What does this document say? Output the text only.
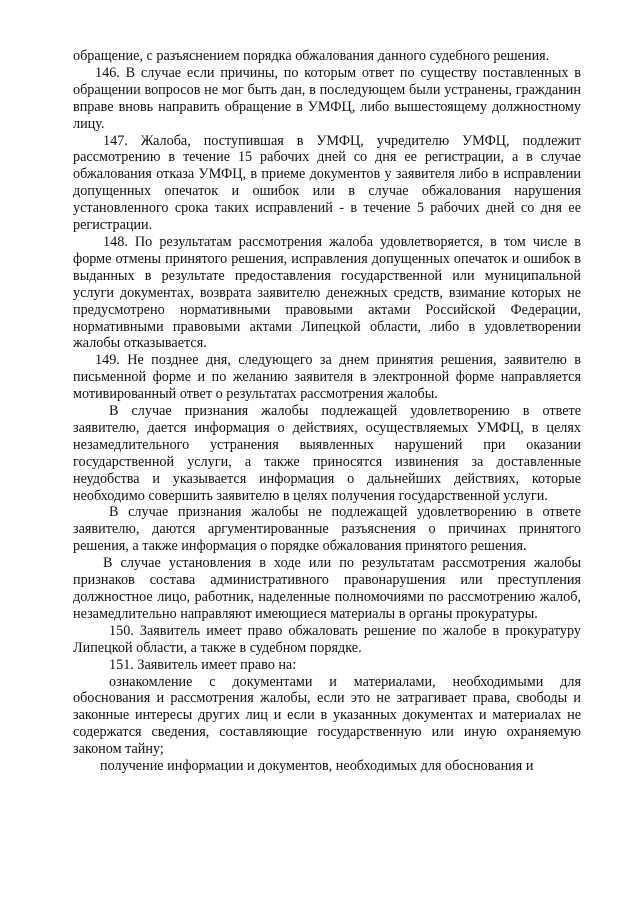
обращение, с разъяснением порядка обжалования данного судебного решения.

146. В случае если причины, по которым ответ по существу поставленных в обращении вопросов не мог быть дан, в последующем были устранены, гражданин вправе вновь направить обращение в УМФЦ, либо вышестоящему должностному лицу.

147. Жалоба, поступившая в УМФЦ, учредителю УМФЦ, подлежит рассмотрению в течение 15 рабочих дней со дня ее регистрации, а в случае обжалования отказа УМФЦ, в приеме документов у заявителя либо в исправлении допущенных опечаток и ошибок или в случае обжалования нарушения установленного срока таких исправлений - в течение 5 рабочих дней со дня ее регистрации.

148. По результатам рассмотрения жалоба удовлетворяется, в том числе в форме отмены принятого решения, исправления допущенных опечаток и ошибок в выданных в результате предоставления государственной или муниципальной услуги документах, возврата заявителю денежных средств, взимание которых не предусмотрено нормативными правовыми актами Российской Федерации, нормативными правовыми актами Липецкой области, либо в удовлетворении жалобы отказывается.

149. Не позднее дня, следующего за днем принятия решения, заявителю в письменной форме и по желанию заявителя в электронной форме направляется мотивированный ответ о результатах рассмотрения жалобы.

В случае признания жалобы подлежащей удовлетворению в ответе заявителю, дается информация о действиях, осуществляемых УМФЦ, в целях незамедлительного устранения выявленных нарушений при оказании государственной услуги, а также приносятся извинения за доставленные неудобства и указывается информация о дальнейших действиях, которые необходимо совершить заявителю в целях получения государственной услуги.

В случае признания жалобы не подлежащей удовлетворению в ответе заявителю, даются аргументированные разъяснения о причинах принятого решения, а также информация о порядке обжалования принятого решения.

В случае установления в ходе или по результатам рассмотрения жалобы признаков состава административного правонарушения или преступления должностное лицо, работник, наделенные полномочиями по рассмотрению жалоб, незамедлительно направляют имеющиеся материалы в органы прокуратуры.

150. Заявитель имеет право обжаловать решение по жалобе в прокуратуру Липецкой области, а также в судебном порядке.

151. Заявитель имеет право на:

ознакомление с документами и материалами, необходимыми для обоснования и рассмотрения жалобы, если это не затрагивает права, свободы и законные интересы других лиц и если в указанных документах и материалах не содержатся сведения, составляющие государственную или иную охраняемую законом тайну;

получение информации и документов, необходимых для обоснования и
